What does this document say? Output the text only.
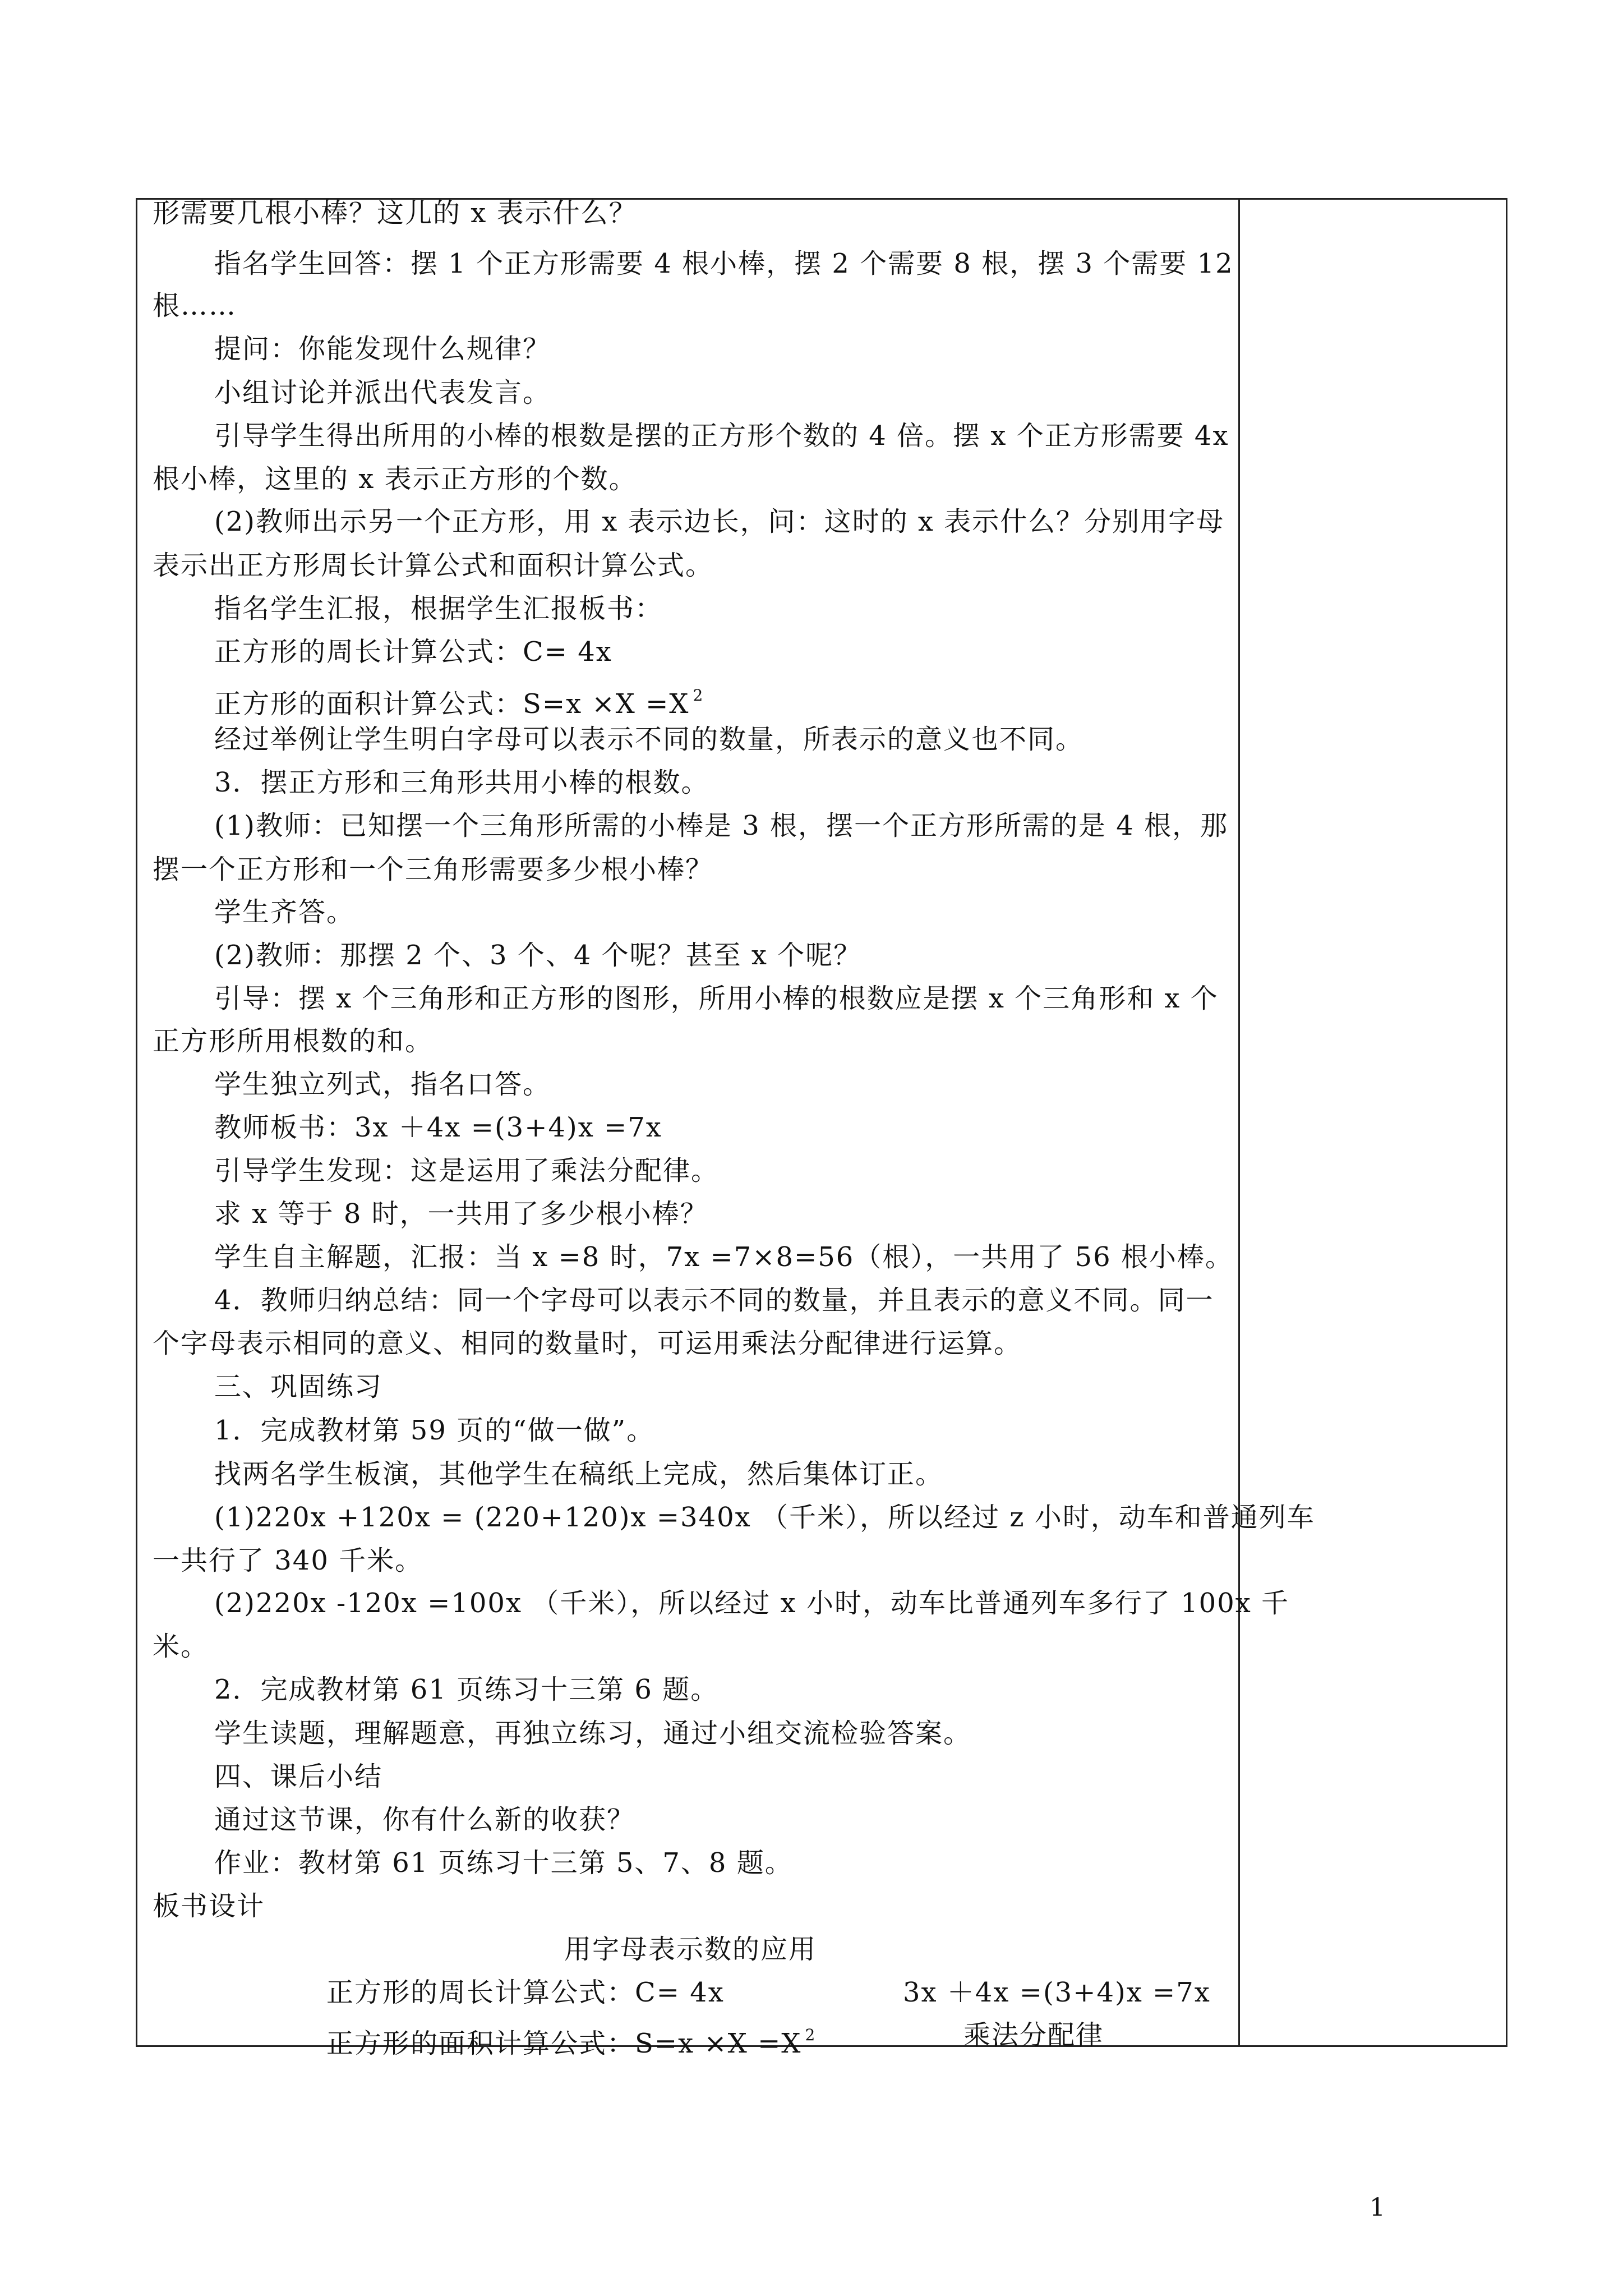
形需要几根小棒？这儿的 x 表示什么？
指名学生回答：摆 1 个正方形需要 4 根小棒，摆 2 个需要 8 根，摆 3 个需要 12
根……
提问：你能发现什么规律？
小组讨论并派出代表发言。
引导学生得出所用的小棒的根数是摆的正方形个数的 4 倍。摆 x 个正方形需要 4x
根小棒，这里的 x 表示正方形的个数。
(2)教师出示另一个正方形，用 x 表示边长，问：这时的 x 表示什么？分别用字母
表示出正方形周长计算公式和面积计算公式。
指名学生汇报，根据学生汇报板书：
正方形的周长计算公式：C= 4x
正方形的面积计算公式：S=x ×X =X $^2$
经过举例让学生明白字母可以表示不同的数量，所表示的意义也不同。
3．摆正方形和三角形共用小棒的根数。
(1)教师：已知摆一个三角形所需的小棒是 3 根，摆一个正方形所需的是 4 根，那
摆一个正方形和一个三角形需要多少根小棒？
学生齐答。
(2)教师：那摆 2 个、3 个、4 个呢？甚至 x 个呢？
引导：摆 x 个三角形和正方形的图形，所用小棒的根数应是摆 x 个三角形和 x 个
正方形所用根数的和。
学生独立列式，指名口答。
教师板书：3x ＋4x =(3+4)x =7x
引导学生发现：这是运用了乘法分配律。
求 x 等于 8 时，一共用了多少根小棒？
学生自主解题，汇报：当 x =8 时，7x =7×8=56（根），一共用了 56 根小棒。
4．教师归纳总结：同一个字母可以表示不同的数量，并且表示的意义不同。同一
个字母表示相同的意义、相同的数量时，可运用乘法分配律进行运算。
三、巩固练习
1．完成教材第 59 页的“做一做”。
找两名学生板演，其他学生在稿纸上完成，然后集体订正。
(1)220x +120x = (220+120)x =340x （千米），所以经过 z 小时，动车和普通列车
一共行了 340 千米。
(2)220x -120x =100x （千米），所以经过 x 小时，动车比普通列车多行了 100x 千
米。
2．完成教材第 61 页练习十三第 6 题。
学生读题，理解题意，再独立练习，通过小组交流检验答案。
四、课后小结
通过这节课，你有什么新的收获？
作业：教材第 61 页练习十三第 5、7、8 题。
板书设计
用字母表示数的应用
正方形的周长计算公式：C= 4x	3x ＋4x =(3+4)x =7x
正方形的面积计算公式：S=x ×X =X $^2$	乘法分配律
1
